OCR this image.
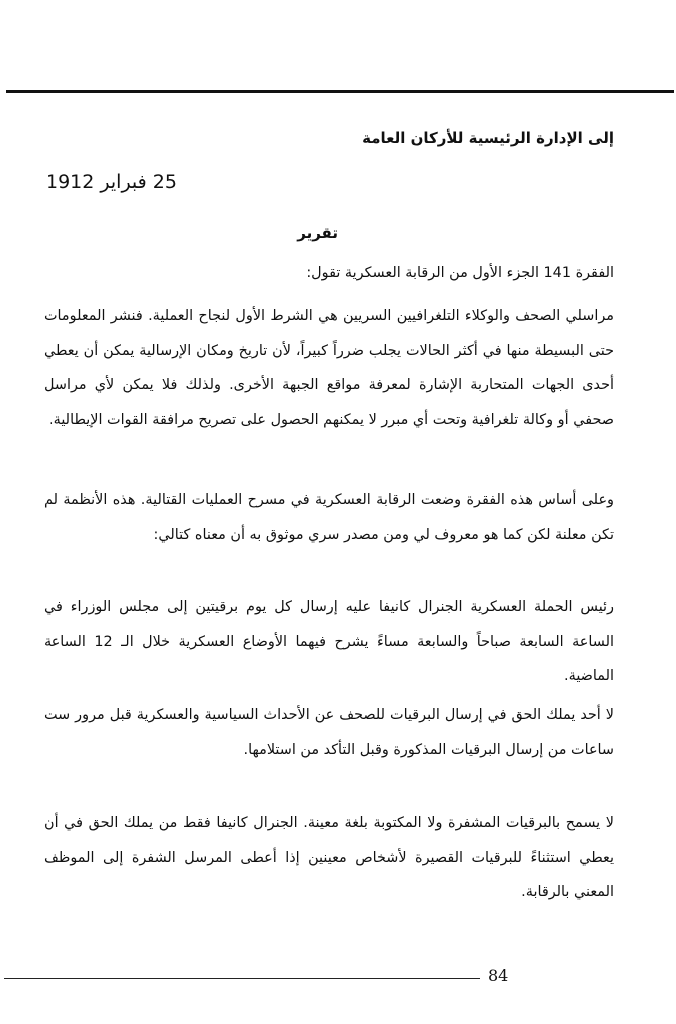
إلى الإدارة الرئيسية للأركان العامة
25 فبراير 1912
تقرير
الفقرة 141 الجزء الأول من الرقابة العسكرية تقول:
مراسلي الصحف والوكلاء التلغرافيين السريين هي الشرط الأول لنجاح العملية. فنشر المعلومات حتى البسيطة منها في أكثر الحالات يجلب ضرراً كبيراً، لأن تاريخ ومكان الإرسالية يمكن أن يعطي أحدى الجهات المتحاربة الإشارة لمعرفة مواقع الجبهة الأخرى. ولذلك فلا يمكن لأي مراسل صحفي أو وكالة تلغرافية وتحت أي مبرر لا يمكنهم الحصول على تصريح مرافقة القوات الإيطالية.
وعلى أساس هذه الفقرة وضعت الرقابة العسكرية في مسرح العمليات القتالية. هذه الأنظمة لم تكن معلنة لكن كما هو معروف لي ومن مصدر سري موثوق به أن معناه كتالي:
رئيس الحملة العسكرية الجنرال كانيفا عليه إرسال كل يوم برقيتين إلى مجلس الوزراء في الساعة السابعة صباحاً والسابعة مساءً يشرح فيهما الأوضاع العسكرية خلال الـ 12 الساعة الماضية.
لا أحد يملك الحق في إرسال البرقيات للصحف عن الأحداث السياسية والعسكرية قبل مرور ست ساعات من إرسال البرقيات المذكورة وقبل التأكد من استلامها.
لا يسمح بالبرقيات المشفرة ولا المكتوبة بلغة معينة. الجنرال كانيفا فقط من يملك الحق في أن يعطي استثناءً للبرقيات القصيرة لأشخاص معينين إذا أعطى المرسل الشفرة إلى الموظف المعني بالرقابة.
84
